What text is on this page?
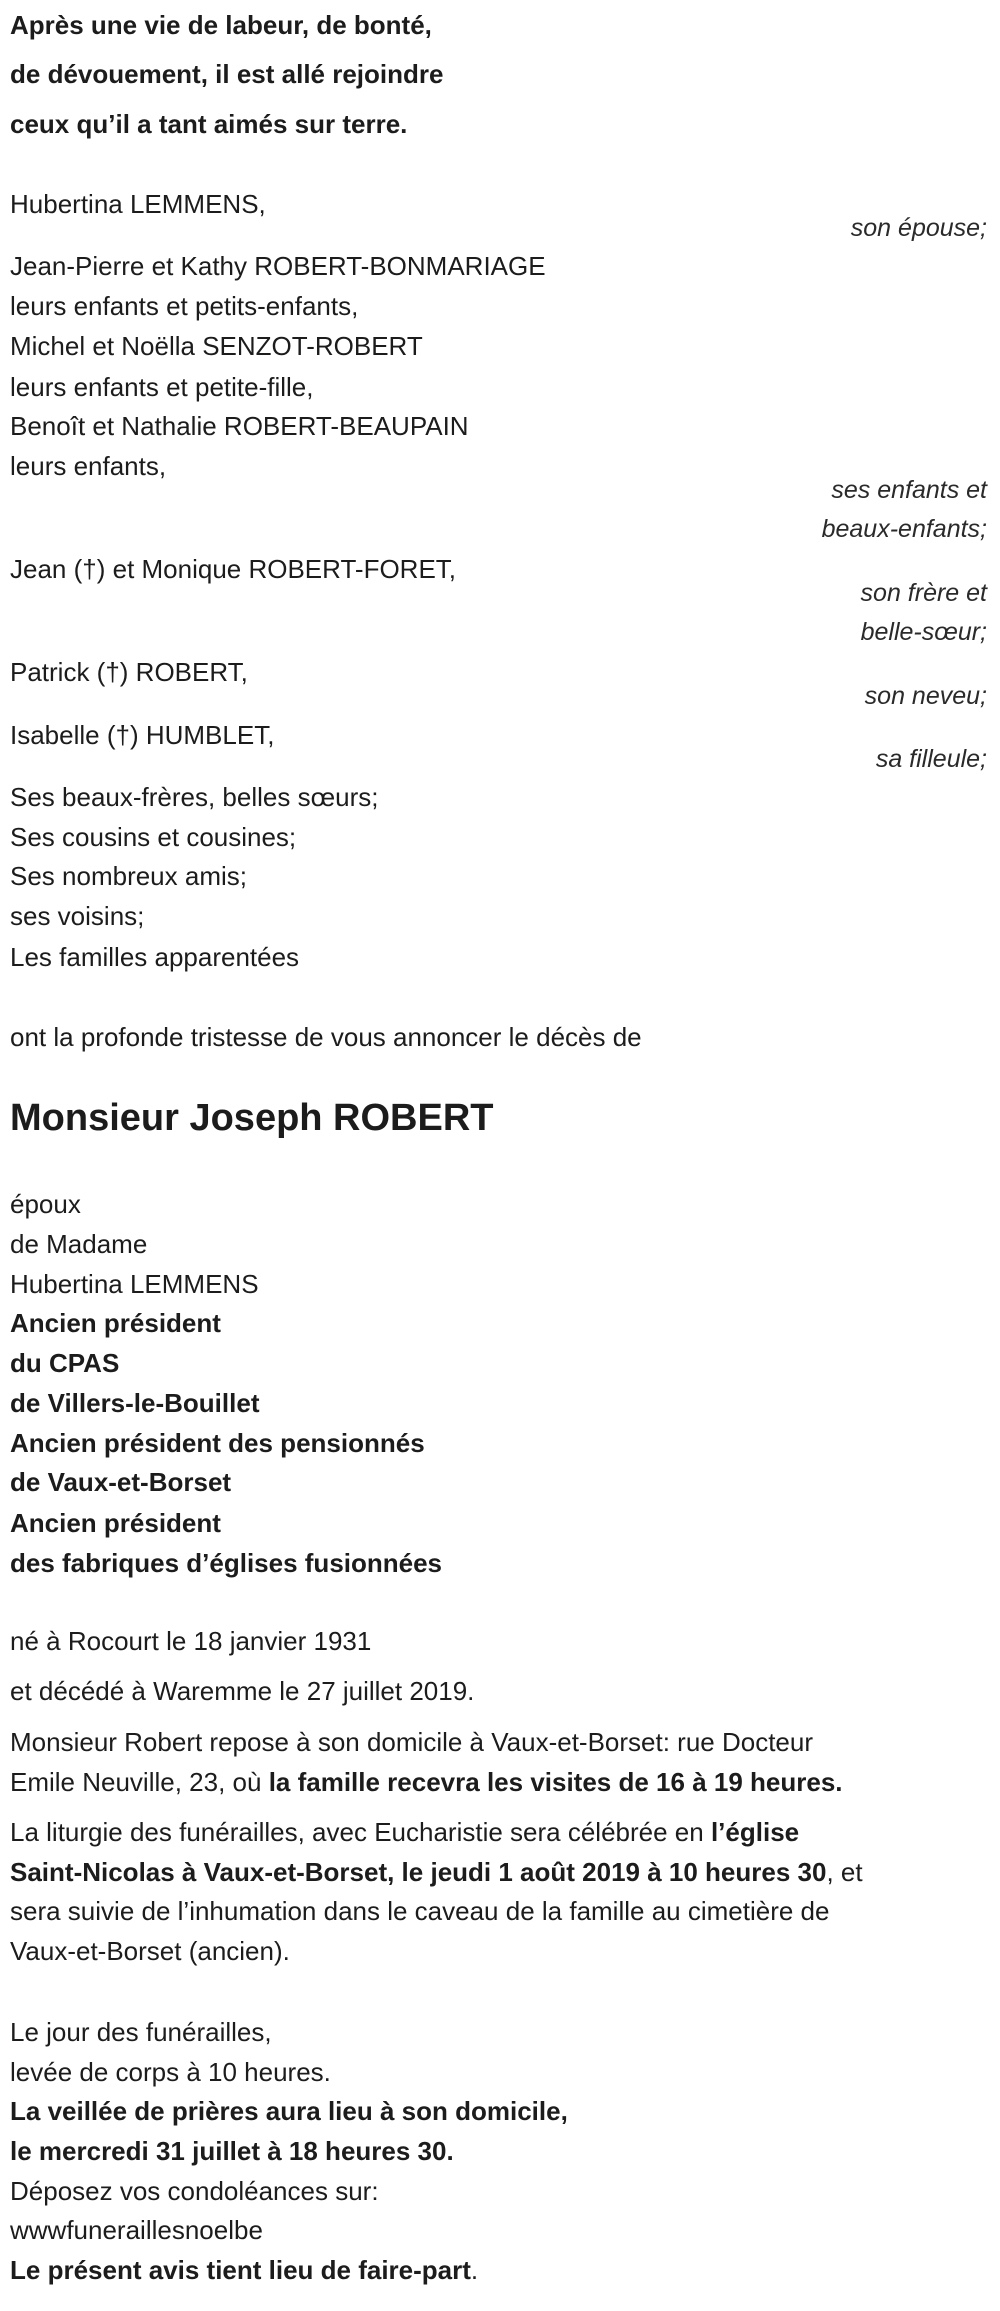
Après une vie de labeur, de bonté,
de dévouement, il est allé rejoindre
ceux qu’il a tant aimés sur terre.
Hubertina LEMMENS,
son épouse;
Jean-Pierre et Kathy ROBERT-BONMARIAGE
leurs enfants et petits-enfants,
Michel et Noëlla SENZOT-ROBERT
leurs enfants et petite-fille,
Benoît et Nathalie ROBERT-BEAUPAIN
leurs enfants,
ses enfants et
beaux-enfants;
Jean (†) et Monique ROBERT-FORET,
son frère et
belle-sœur;
Patrick (†) ROBERT,
son neveu;
Isabelle (†) HUMBLET,
sa filleule;
Ses beaux-frères, belles sœurs;
Ses cousins et cousines;
Ses nombreux amis;
ses voisins;
Les familles apparentées
ont la profonde tristesse de vous annoncer le décès de
Monsieur Joseph ROBERT
époux
de Madame
Hubertina LEMMENS
Ancien président
du CPAS
de Villers-le-Bouillet
Ancien président des pensionnés
de Vaux-et-Borset
Ancien président
des fabriques d’églises fusionnées
né à Rocourt le 18 janvier 1931
et décédé à Waremme le 27 juillet 2019.
Monsieur Robert repose à son domicile à Vaux-et-Borset: rue Docteur
Emile Neuville, 23, où la famille recevra les visites de 16 à 19 heures.
La liturgie des funérailles, avec Eucharistie sera célébrée en l’église
Saint-Nicolas à Vaux-et-Borset, le jeudi 1 août 2019 à 10 heures 30, et
sera suivie de l’inhumation dans le caveau de la famille au cimetière de
Vaux-et-Borset (ancien).
Le jour des funérailles,
levée de corps à 10 heures.
La veillée de prières aura lieu à son domicile,
le mercredi 31 juillet à 18 heures 30.
Déposez vos condoléances sur:
wwwfuneraillesnoelbe
Le présent avis tient lieu de faire-part.
